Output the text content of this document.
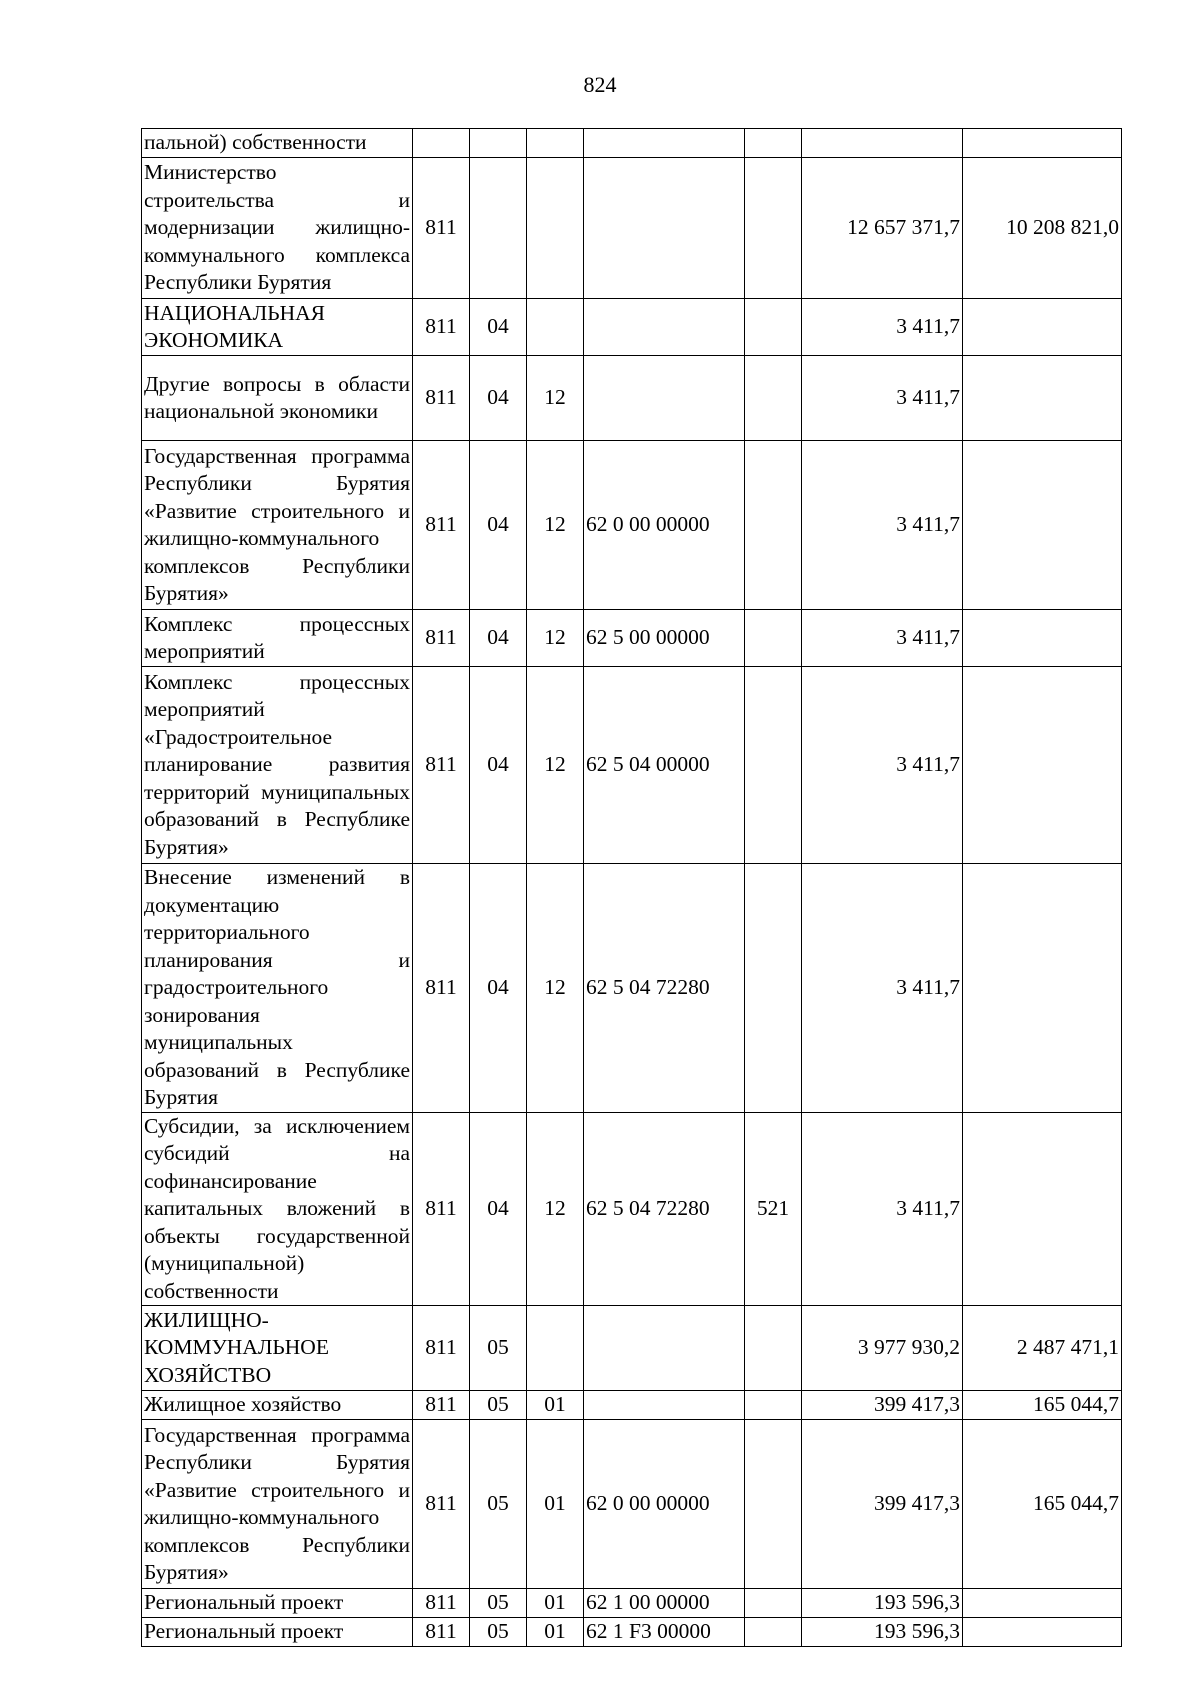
824
пальной) собственности							
Министерство строительства и модернизации жилищно-коммунального комплекса Республики Бурятия	811					12 657 371,7	10 208 821,0
НАЦИОНАЛЬНАЯ ЭКОНОМИКА	811	04				3 411,7	
Другие вопросы в области национальной экономики	811	04	12			3 411,7	
Государственная программа Республики Бурятия «Развитие строительного и жилищно-коммунального комплексов Республики Бурятия»	811	04	12	62 0 00 00000		3 411,7	
Комплекс процессных мероприятий	811	04	12	62 5 00 00000		3 411,7	
Комплекс процессных мероприятий «Градостроительное планирование развития территорий муниципальных образований в Республике Бурятия»	811	04	12	62 5 04 00000		3 411,7	
Внесение изменений в документацию территориального планирования и градостроительного зонирования муниципальных образований в Республике Бурятия	811	04	12	62 5 04 72280		3 411,7	
Субсидии, за исключением субсидий на софинансирование капитальных вложений в объекты государственной (муниципальной) собственности	811	04	12	62 5 04 72280	521	3 411,7	
ЖИЛИЩНО-КОММУНАЛЬНОЕ ХОЗЯЙСТВО	811	05				3 977 930,2	2 487 471,1
Жилищное хозяйство	811	05	01			399 417,3	165 044,7
Государственная программа Республики Бурятия «Развитие строительного и жилищно-коммунального комплексов Республики Бурятия»	811	05	01	62 0 00 00000		399 417,3	165 044,7
Региональный проект	811	05	01	62 1 00 00000		193 596,3	
Региональный проект	811	05	01	62 1 F3 00000		193 596,3	
